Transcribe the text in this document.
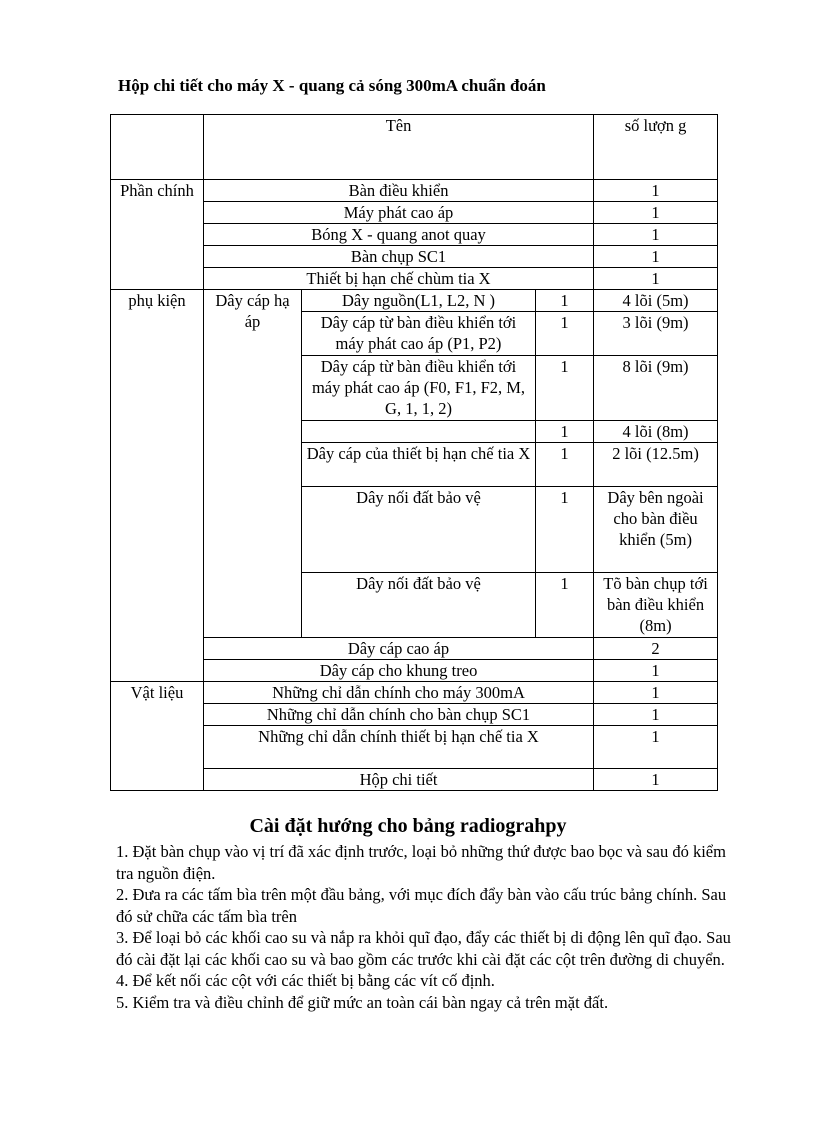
Hộp chi tiết cho máy X - quang cả sóng 300mA chuẩn đoán
	Tên			số lượn g	
Phần chính	Bàn điều khiển			1	
	Máy phát cao áp			1	
	Bóng X - quang anot quay			1	
	Bàn chụp SC1			1	
	Thiết bị hạn chế chùm tia X			1	
phụ kiện	Dây cáp hạ áp	Dây nguồn(L1, L2, N )	1	4 lõi (5m)	
		Dây cáp từ bàn điều khiển tới máy phát cao áp (P1, P2)	1	3 lõi (9m)	
		Dây cáp từ bàn điều khiển tới máy phát cao áp (F0, F1, F2, M, G, 1, 1, 2)	1	8 lõi (9m)	
			1	4 lõi (8m)	
		Dây cáp của thiết bị hạn chế tia X	1	2 lõi (12.5m)	
		Dây nối đất bảo vệ	1	Dây bên ngoài cho bàn điều khiển (5m)	
		Dây nối đất bảo vệ	1	Tõ bàn chụp tới bàn điều khiển (8m)	
	Dây cáp cao áp			2	
	Dây cáp cho khung treo			1	
Vật liệu	Những chỉ dẫn chính cho máy 300mA			1	
	Những chỉ dẫn chính cho bàn chụp SC1			1	
	Những chỉ dẫn chính thiết bị hạn chế tia X			1	
	Hộp chi tiết			1	
Cài đặt hướng cho bảng radiograhpy
1. Đặt bàn chụp vào vị trí đã xác định trước, loại bỏ những thứ được bao bọc và sau đó kiểm tra nguồn điện.
2. Đưa ra các tấm bìa trên một đầu bảng, với mục đích đẩy bàn vào cấu trúc bảng chính. Sau đó sử chữa các tấm bìa trên
3. Để loại bỏ các khối cao su và nắp ra khỏi quĩ đạo, đẩy các thiết bị di động lên quĩ đạo. Sau đó cài đặt lại các khối cao su và bao gồm các trước khi cài đặt các cột trên đường di chuyển.
4. Để kết nối các cột với các thiết bị bằng các vít cố định.
5. Kiểm tra và điều chỉnh để giữ mức an toàn cái bàn ngay cả trên mặt đất.
